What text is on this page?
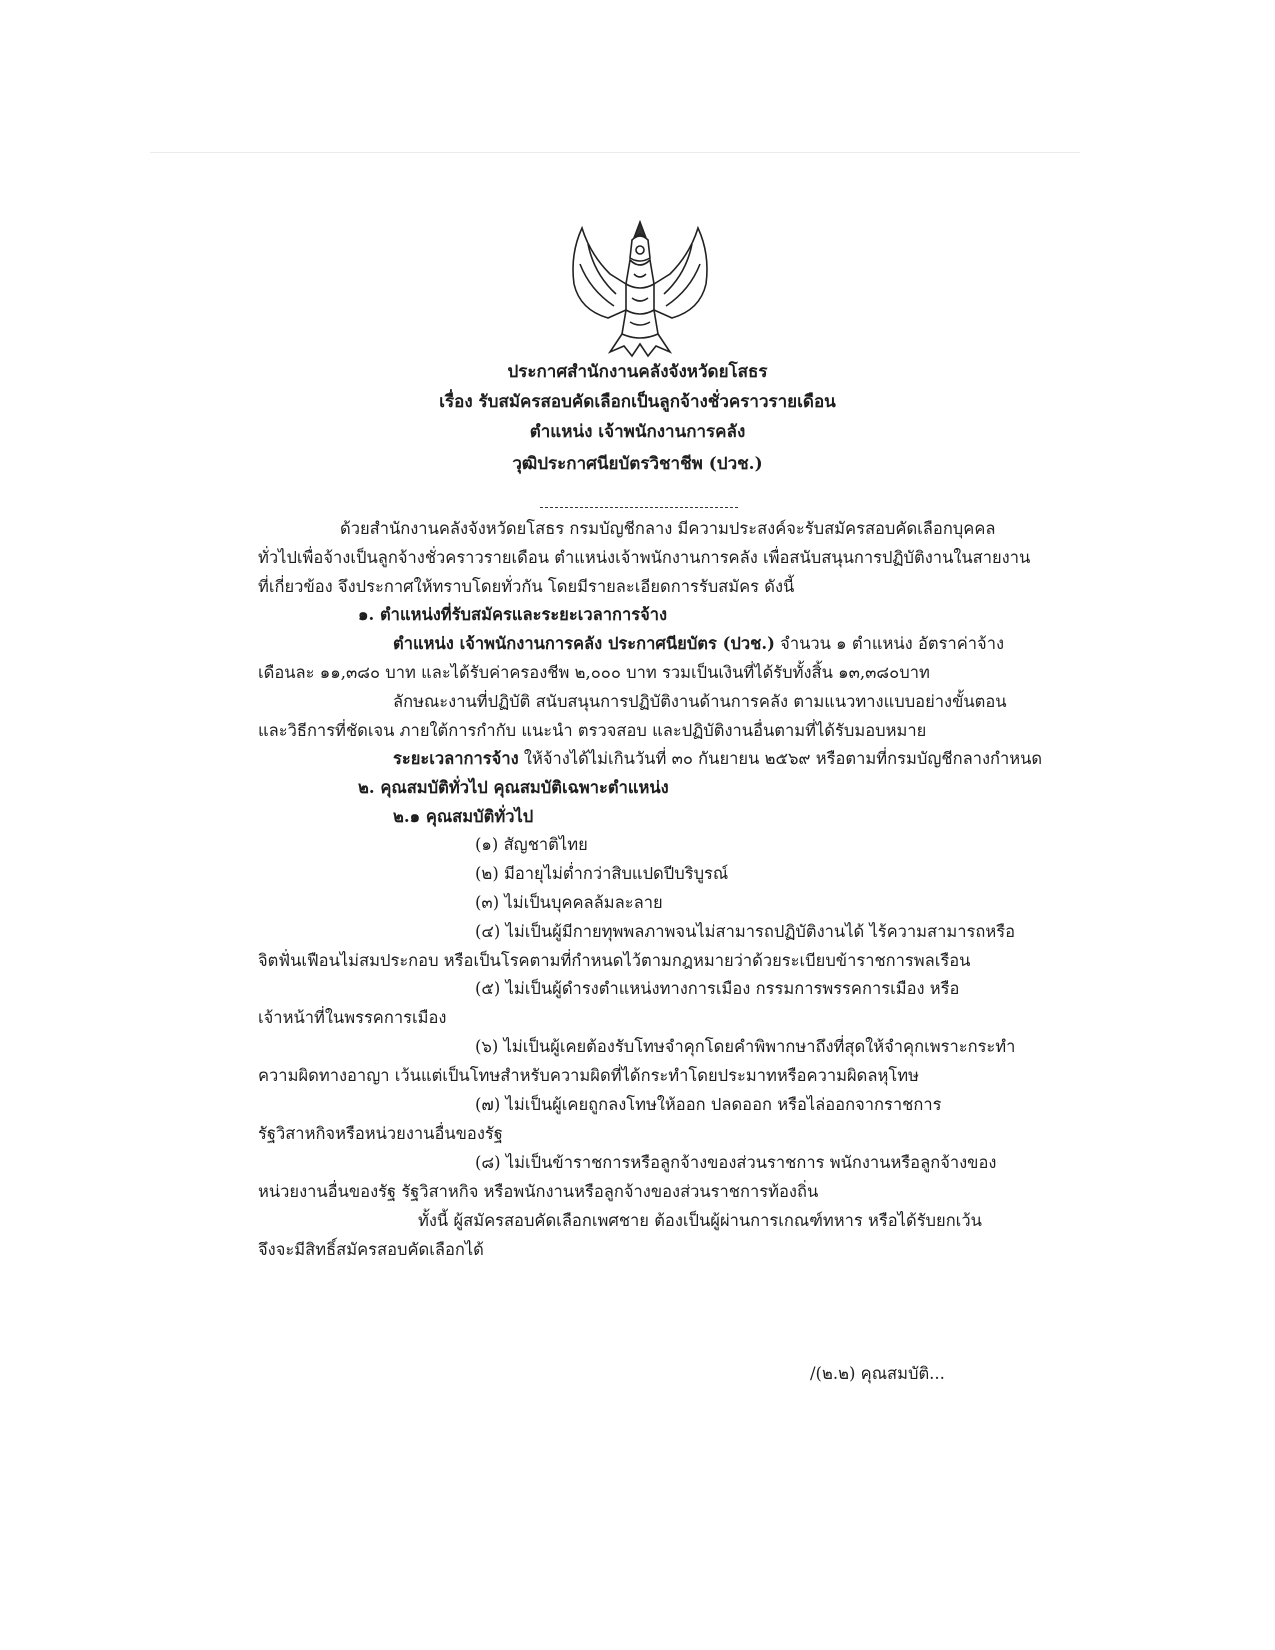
ประกาศสำนักงานคลังจังหวัดยโสธร
เรื่อง รับสมัครสอบคัดเลือกเป็นลูกจ้างชั่วคราวรายเดือน
ตำแหน่ง เจ้าพนักงานการคลัง
วุฒิประกาศนียบัตรวิชาชีพ (ปวช.)
ด้วยสำนักงานคลังจังหวัดยโสธร กรมบัญชีกลาง มีความประสงค์จะรับสมัครสอบคัดเลือกบุคคล
ทั่วไปเพื่อจ้างเป็นลูกจ้างชั่วคราวรายเดือน ตำแหน่งเจ้าพนักงานการคลัง เพื่อสนับสนุนการปฏิบัติงานในสายงาน
ที่เกี่ยวข้อง จึงประกาศให้ทราบโดยทั่วกัน โดยมีรายละเอียดการรับสมัคร ดังนี้
๑. ตำแหน่งที่รับสมัครและระยะเวลาการจ้าง
ตำแหน่ง เจ้าพนักงานการคลัง ประกาศนียบัตร (ปวช.) จำนวน ๑ ตำแหน่ง อัตราค่าจ้าง
เดือนละ ๑๑,๓๘๐ บาท และได้รับค่าครองชีพ ๒,๐๐๐ บาท รวมเป็นเงินที่ได้รับทั้งสิ้น ๑๓,๓๘๐บาท
ลักษณะงานที่ปฏิบัติ สนับสนุนการปฏิบัติงานด้านการคลัง ตามแนวทางแบบอย่างขั้นตอน
และวิธีการที่ชัดเจน ภายใต้การกำกับ แนะนำ ตรวจสอบ และปฏิบัติงานอื่นตามที่ได้รับมอบหมาย
ระยะเวลาการจ้าง ให้จ้างได้ไม่เกินวันที่ ๓๐ กันยายน ๒๕๖๙ หรือตามที่กรมบัญชีกลางกำหนด
๒. คุณสมบัติทั่วไป คุณสมบัติเฉพาะตำแหน่ง
๒.๑ คุณสมบัติทั่วไป
(๑) สัญชาติไทย
(๒) มีอายุไม่ต่ำกว่าสิบแปดปีบริบูรณ์
(๓) ไม่เป็นบุคคลล้มละลาย
(๔) ไม่เป็นผู้มีกายทุพพลภาพจนไม่สามารถปฏิบัติงานได้ ไร้ความสามารถหรือ
จิตฟั่นเฟือนไม่สมประกอบ หรือเป็นโรคตามที่กำหนดไว้ตามกฎหมายว่าด้วยระเบียบข้าราชการพลเรือน
(๕) ไม่เป็นผู้ดำรงตำแหน่งทางการเมือง กรรมการพรรคการเมือง หรือ
เจ้าหน้าที่ในพรรคการเมือง
(๖) ไม่เป็นผู้เคยต้องรับโทษจำคุกโดยคำพิพากษาถึงที่สุดให้จำคุกเพราะกระทำ
ความผิดทางอาญา เว้นแต่เป็นโทษสำหรับความผิดที่ได้กระทำโดยประมาทหรือความผิดลหุโทษ
(๗) ไม่เป็นผู้เคยถูกลงโทษให้ออก ปลดออก หรือไล่ออกจากราชการ
รัฐวิสาหกิจหรือหน่วยงานอื่นของรัฐ
(๘) ไม่เป็นข้าราชการหรือลูกจ้างของส่วนราชการ พนักงานหรือลูกจ้างของ
หน่วยงานอื่นของรัฐ รัฐวิสาหกิจ หรือพนักงานหรือลูกจ้างของส่วนราชการท้องถิ่น
ทั้งนี้ ผู้สมัครสอบคัดเลือกเพศชาย ต้องเป็นผู้ผ่านการเกณฑ์ทหาร หรือได้รับยกเว้น
จึงจะมีสิทธิ์สมัครสอบคัดเลือกได้
/(๒.๒) คุณสมบัติ...
